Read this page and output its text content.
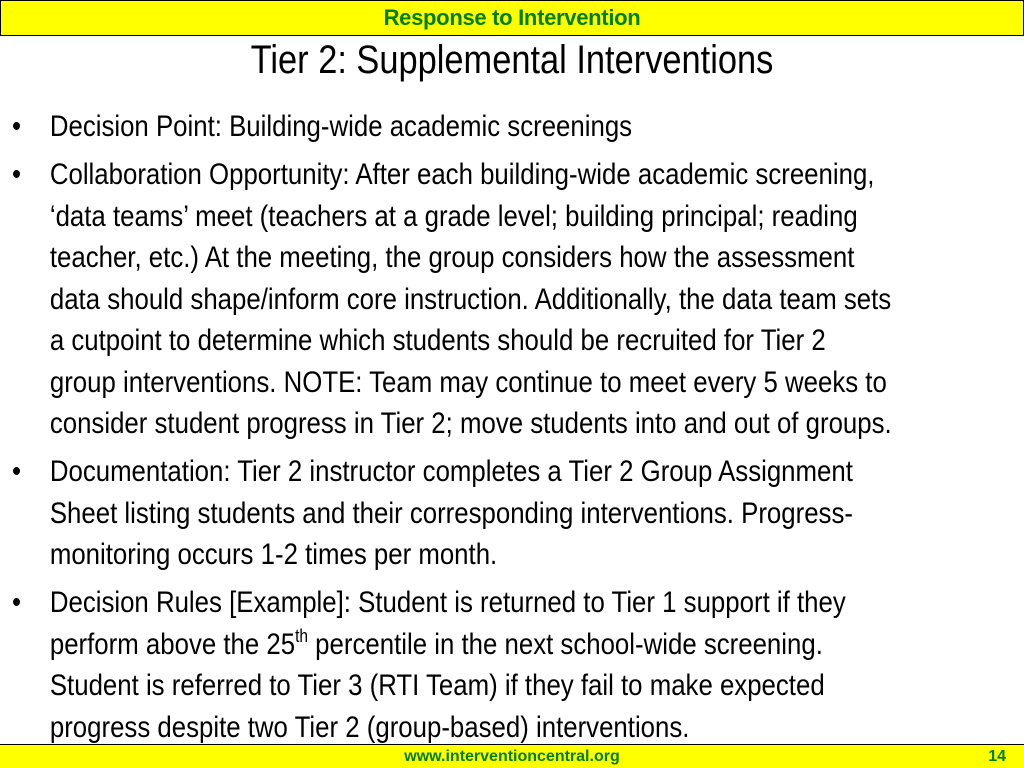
Response to Intervention
Tier 2: Supplemental Interventions
• Decision Point: Building-wide academic screenings
• Collaboration Opportunity: After each building-wide academic screening, ‘data teams’ meet (teachers at a grade level; building principal; reading teacher, etc.) At the meeting, the group considers how the assessment data should shape/inform core instruction. Additionally, the data team sets a cutpoint to determine which students should be recruited for Tier 2 group interventions. NOTE: Team may continue to meet every 5 weeks to consider student progress in Tier 2; move students into and out of groups.
• Documentation: Tier 2 instructor completes a Tier 2 Group Assignment Sheet listing students and their corresponding interventions. Progress-monitoring occurs 1-2 times per month.
• Decision Rules [Example]: Student is returned to Tier 1 support if they perform above the 25th percentile in the next school-wide screening. Student is referred to Tier 3 (RTI Team) if they fail to make expected progress despite two Tier 2 (group-based) interventions.
www.interventioncentral.org	14
